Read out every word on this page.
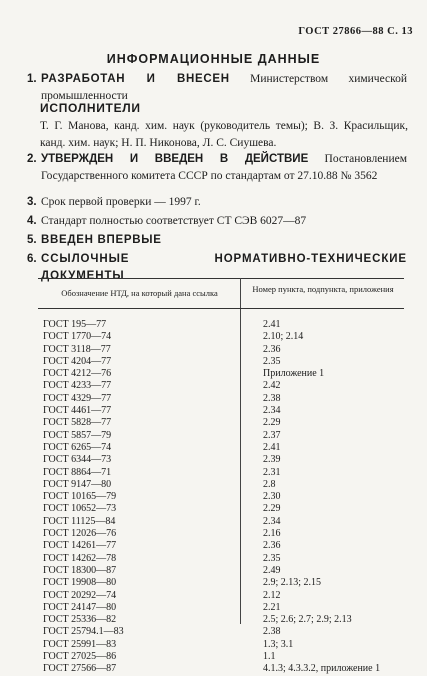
ГОСТ 27866—88 С. 13
ИНФОРМАЦИОННЫЕ ДАННЫЕ
1. РАЗРАБОТАН И ВНЕСЕН Министерством химической промышленности
ИСПОЛНИТЕЛИ
Т. Г. Манова, канд. хим. наук (руководитель темы); В. З. Красильщик, канд. хим. наук; Н. П. Никонова, Л. С. Сиушева.
2. УТВЕРЖДЕН И ВВЕДЕН В ДЕЙСТВИЕ Постановлением Государственного комитета СССР по стандартам от 27.10.88 № 3562
3. Срок первой проверки — 1997 г.
4. Стандарт полностью соответствует СТ СЭВ 6027—87
5. ВВЕДЕН ВПЕРВЫЕ
6. ССЫЛОЧНЫЕ НОРМАТИВНО-ТЕХНИЧЕСКИЕ ДОКУМЕНТЫ
Обозначение НТД, на который дана ссылка	Номер пункта, подпункта, приложения
ГОСТ 195—77	2.41
ГОСТ 1770—74	2.10; 2.14
ГОСТ 3118—77	2.36
ГОСТ 4204—77	2.35
ГОСТ 4212—76	Приложение 1
ГОСТ 4233—77	2.42
ГОСТ 4329—77	2.38
ГОСТ 4461—77	2.34
ГОСТ 5828—77	2.29
ГОСТ 5857—79	2.37
ГОСТ 6265—74	2.41
ГОСТ 6344—73	2.39
ГОСТ 8864—71	2.31
ГОСТ 9147—80	2.8
ГОСТ 10165—79	2.30
ГОСТ 10652—73	2.29
ГОСТ 11125—84	2.34
ГОСТ 12026—76	2.16
ГОСТ 14261—77	2.36
ГОСТ 14262—78	2.35
ГОСТ 18300—87	2.49
ГОСТ 19908—80	2.9; 2.13; 2.15
ГОСТ 20292—74	2.12
ГОСТ 24147—80	2.21
ГОСТ 25336—82	2.5; 2.6; 2.7; 2.9; 2.13
ГОСТ 25794.1—83	2.38
ГОСТ 25991—83	1.3; 3.1
ГОСТ 27025—86	1.1
ГОСТ 27566—87	4.1.3; 4.3.3.2, приложение 1
